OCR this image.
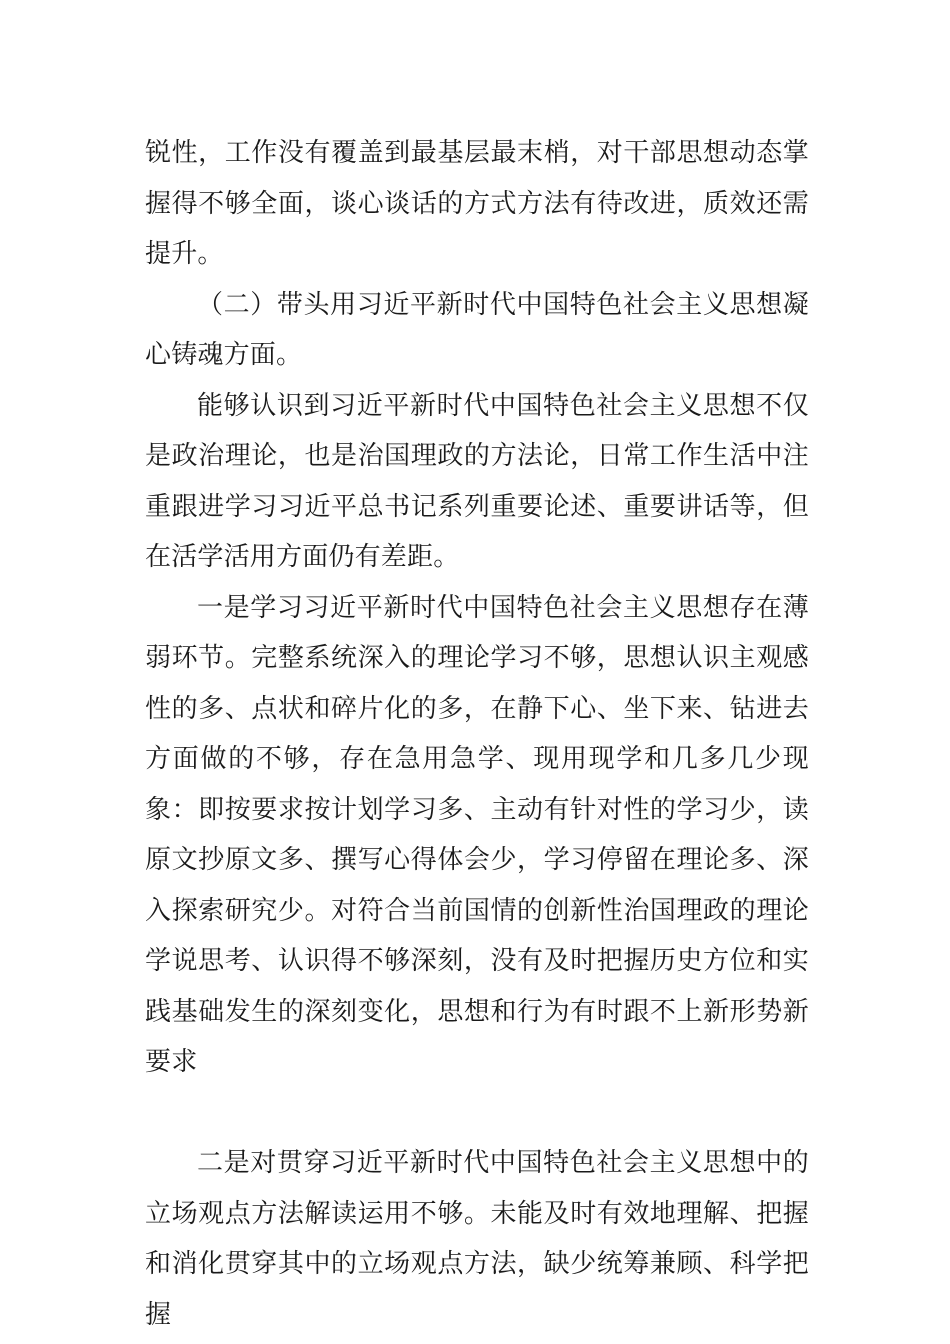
锐性，工作没有覆盖到最基层最末梢，对干部思想动态掌握得不够全面，谈心谈话的方式方法有待改进，质效还需提升。

（二）带头用习近平新时代中国特色社会主义思想凝心铸魂方面。

能够认识到习近平新时代中国特色社会主义思想不仅是政治理论，也是治国理政的方法论，日常工作生活中注重跟进学习习近平总书记系列重要论述、重要讲话等，但在活学活用方面仍有差距。

一是学习习近平新时代中国特色社会主义思想存在薄弱环节。完整系统深入的理论学习不够，思想认识主观感性的多、点状和碎片化的多，在静下心、坐下来、钻进去方面做的不够，存在急用急学、现用现学和几多几少现象：即按要求按计划学习多、主动有针对性的学习少，读原文抄原文多、撰写心得体会少，学习停留在理论多、深入探索研究少。对符合当前国情的创新性治国理政的理论学说思考、认识得不够深刻，没有及时把握历史方位和实践基础发生的深刻变化，思想和行为有时跟不上新形势新要求

二是对贯穿习近平新时代中国特色社会主义思想中的立场观点方法解读运用不够。未能及时有效地理解、把握和消化贯穿其中的立场观点方法，缺少统筹兼顾、科学把握
